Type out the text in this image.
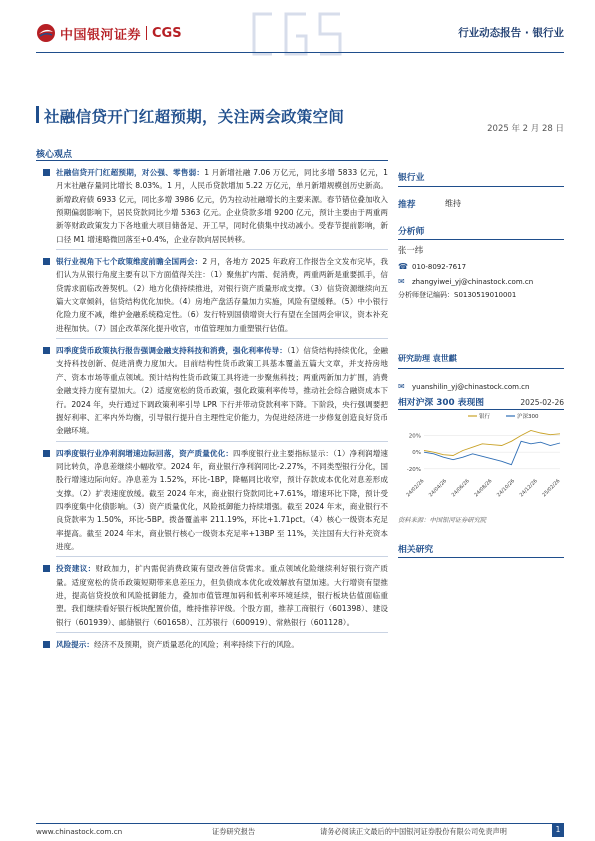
中国银河证券 CGS	行业动态报告 · 银行业
社融信贷开门红超预期，关注两会政策空间
2025 年 2 月 28 日
核心观点
社融信贷开门红超预期，对公强、零售弱：1 月新增社融 7.06 万亿元，同比多增 5833 亿元，1 月末社融存量同比增长 8.03%。1 月，人民币贷款增加 5.22 万亿元，单月新增规模创历史新高。新增政府债 6933 亿元，同比多增 3986 亿元，仍为拉动社融增长的主要来源。春节错位叠加收入预期偏弱影响下，居民贷款同比少增 5363 亿元。企业贷款多增 9200 亿元，预计主要由于两重两新等财政政策发力下各地重大项目储备足、开工早，同时化债集中找动减小。受春节提前影响，新口径 M1 增速略微回落至+0.4%，企业存款向居民转移。
银行业视角下七个政策维度前瞻全国两会：2 月，各地方 2025 年政府工作报告全文发布完毕，我们认为从银行角度主要有以下方面值得关注：（1）聚焦扩内需、促消费，两重两新是重要抓手，信贷需求面临改善契机。（2）地方化债持续推进，对银行资产质量形成支撑。（3）信贷资源继续向五篇大文章倾斜，信贷结构优化加快。（4）房地产盘活存量加力实施，风险有望缓释。（5）中小银行化险力度不减，维护金融系统稳定性。（6）发行特别国债增资大行有望在全国两会审议，资本补充进程加快。（7）国企改革深化提升收官，市值管理加力重塑银行估值。
四季度货币政策执行报告强调金融支持科技和消费，强化利率传导：（1）信贷结构持续优化，金融支持科技创新、促进消费力度加大。目前结构性货币政策工具基本覆盖五篇大文章，并支持房地产、资本市场等重点领域。预计结构性货币政策工具将进一步聚焦科技；两重两新加力扩围，消费金融支持力度有望加大。（2）适度宽松的货币政策，强化政策利率传导，推动社会综合融资成本下行。2024 年，央行通过下调政策利率引导 LPR 下行并带动贷款利率下降。下阶段，央行强调要把握好利率、汇率内外均衡，引导银行提升自主理性定价能力，为促进经济进一步修复创造良好货币金融环境。
四季度银行业净利润增速边际回落，资产质量优化：四季度银行业主要指标显示：（1）净利润增速同比转负，净息差继续小幅收窄。2024 年，商业银行净利润同比-2.27%，不同类型银行分化，国股行增速边际向好。净息差为 1.52%，环比-1BP，降幅同比收窄，预计存款成本优化对息差形成支撑。（2）扩表速度放缓。截至 2024 年末，商业银行贷款同比+7.61%，增速环比下降，预计受四季度集中化债影响。（3）资产质量优化，风险抵御能力持续增强。截至 2024 年末，商业银行不良贷款率为 1.50%，环比-5BP。拨备覆盖率 211.19%，环比+1.71pct。（4）核心一级资本充足率提高。截至 2024 年末，商业银行核心一级资本充足率+13BP 至 11%，关注国有大行补充资本进度。
投资建议：财政加力，扩内需促消费政策有望改善信贷需求。重点领域化险继续利好银行资产质量。适度宽松的货币政策短期带来息差压力，但负债成本优化或效解放有望加速。大行增资有望推进，提高信贷投放和风险抵御能力，叠加市值管理加码和低利率环境延续，银行板块估值面临重塑。我们继续看好银行板块配置价值，维持推荐评级。个股方面，推荐工商银行（601398）、建设银行（601939）、邮储银行（601658）、江苏银行（600919）、常熟银行（601128）。
风险提示：经济不及预期，资产质量恶化的风险；利率持续下行的风险。
银行业
推荐	维持
分析师
张一纬
☎ 010-8092-7617
✉	zhangyiwei_yj@chinastock.com.cn
分析师登记编码：S0130519010001
研究助理 袁世麒
✉	yuanshilin_yj@chinastock.com.cn
相对沪深 300 表现图	2025-02-26
20%
0%
-20%
银行	沪深300
24/02/26 24/04/26 24/06/26 24/08/26 24/10/26 24/12/26 25/02/26
资料来源：中国银河证券研究院
相关研究
www.chinastock.com.cn	证券研究报告	请务必阅读正文最后的中国银河证券股份有限公司免责声明	1
